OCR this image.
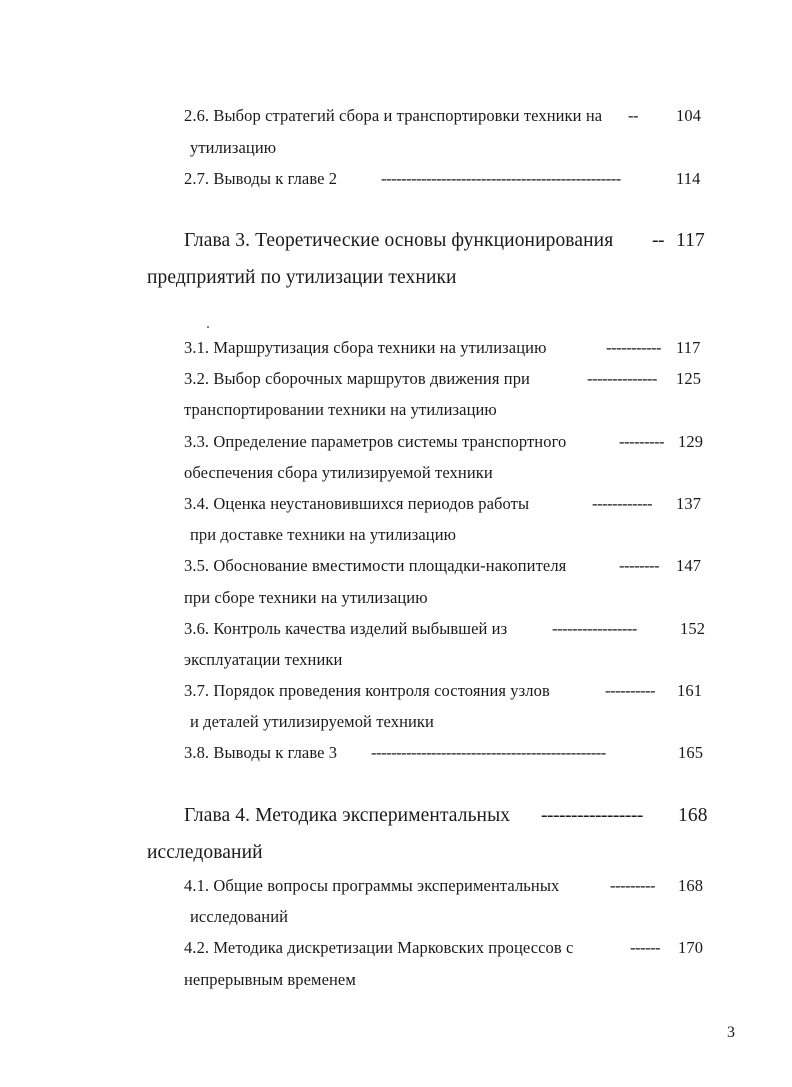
2.6. Выбор стратегий сбора и транспортировки техники на -- 104
утилизацию
2.7. Выводы к главе 2	------------------------------------------------	114
Глава 3. Теоретические основы функционирования -- 117
предприятий по утилизации техники
3.1. Маршрутизация сбора техники на утилизацию	----------- 117
3.2. Выбор сборочных маршрутов движения при	-------------- 125
транспортировании техники на утилизацию
3.3. Определение параметров системы транспортного	--------- 129
обеспечения сбора утилизируемой техники
3.4. Оценка неустановившихся периодов работы	------------ 137
при доставке техники на утилизацию
3.5. Обоснование вместимости площадки-накопителя	-------- 147
при сборе техники на утилизацию
3.6. Контроль качества изделий выбывшей из	-----------------	152
эксплуатации техники
3.7. Порядок проведения контроля состояния узлов	---------- 161
и деталей утилизируемой техники
3.8. Выводы к главе 3 -----------------------------------------------	165
Глава 4. Методика экспериментальных ----------------- 168
исследований
4.1. Общие вопросы программы экспериментальных	--------- 168
исследований
4.2. Методика дискретизации Марковских процессов с	------ 170
непрерывным временем
3
